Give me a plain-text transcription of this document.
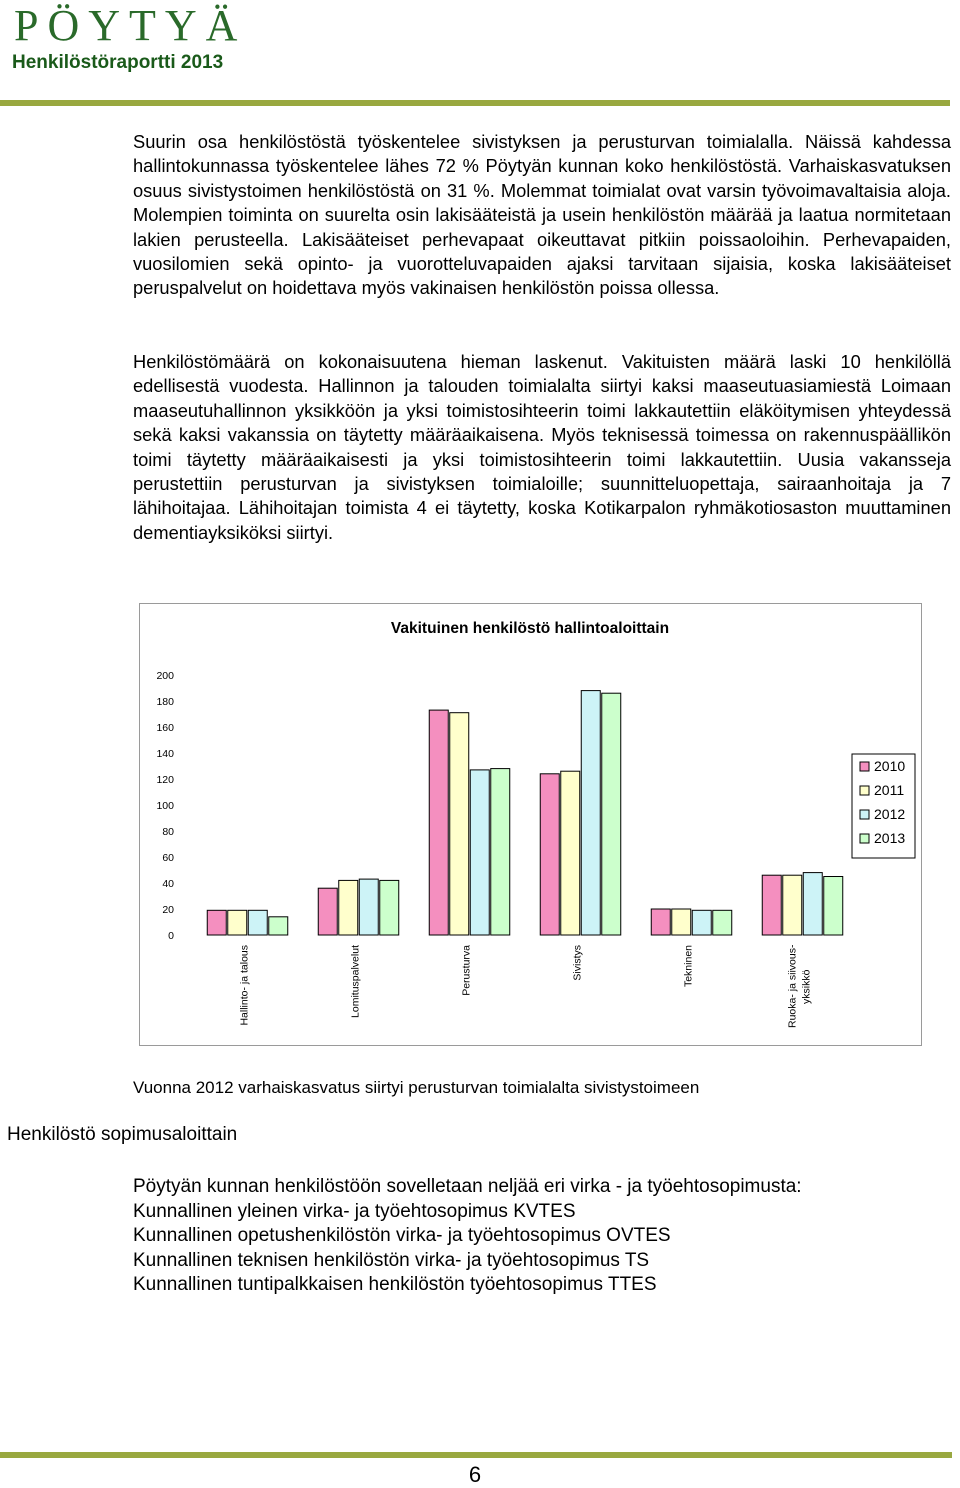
PÖYTYÄ
Henkilöstöraportti 2013

Suurin osa henkilöstöstä työskentelee sivistyksen ja perusturvan toimialalla. Näissä kahdessa hallintokunnassa työskentelee lähes 72 % Pöytyän kunnan koko henkilöstöstä. Varhaiskasvatuksen osuus sivistystoimen henkilöstöstä on 31 %. Molemmat toimialat ovat varsin työvoimavaltaisia aloja. Molempien toiminta on suurelta osin lakisääteistä ja usein henkilöstön määrää ja laatua normitetaan lakien perusteella. Lakisääteiset perhevapaat oikeuttavat pitkiin poissaoloihin. Perhevapaiden, vuosilomien sekä opinto- ja vuorotteluvapaiden ajaksi tarvitaan sijaisia, koska lakisääteiset peruspalvelut on hoidettava myös vakinaisen henkilöstön poissa ollessa.

Henkilöstömäärä on kokonaisuutena hieman laskenut. Vakituisten määrä laski 10 henkilöllä edellisestä vuodesta. Hallinnon ja talouden toimialalta siirtyi kaksi maaseutuasiamiestä Loimaan maaseutuhallinnon yksikköön ja yksi toimistosihteerin toimi lakkautettiin eläköitymisen yhteydessä sekä kaksi vakanssia on täytetty määräaikaisena. Myös teknisessä toimessa on rakennuspäällikön toimi täytetty määräaikaisesti ja yksi toimistosihteerin toimi lakkautettiin. Uusia vakansseja perustettiin perusturvan ja sivistyksen toimialoille; suunnitteluopettaja, sairaanhoitaja ja 7 lähihoitajaa. Lähihoitajan toimista 4 ei täytetty, koska Kotikarpalon ryhmäkotiosaston muuttaminen dementiayksiköksi siirtyi.

Vakituinen henkilöstö hallintoaloittain
0
20
40
60
80
100
120
140
160
180
200
Hallinto- ja talous	Lomituspalvelut	Perusturva	Sivistys	Tekninen	Ruoka- ja siivous- yksikkö
2010
2011
2012
2013
Vuonna 2012 varhaiskasvatus siirtyi perusturvan toimialalta sivistystoimeen
Henkilöstö sopimusaloittain
Pöytyän kunnan henkilöstöön sovelletaan neljää eri virka - ja työehtosopimusta:
Kunnallinen yleinen virka- ja työehtosopimus KVTES
Kunnallinen opetushenkilöstön virka- ja työehtosopimus OVTES
Kunnallinen teknisen henkilöstön virka- ja työehtosopimus TS
Kunnallinen tuntipalkkaisen henkilöstön työehtosopimus TTES
6
